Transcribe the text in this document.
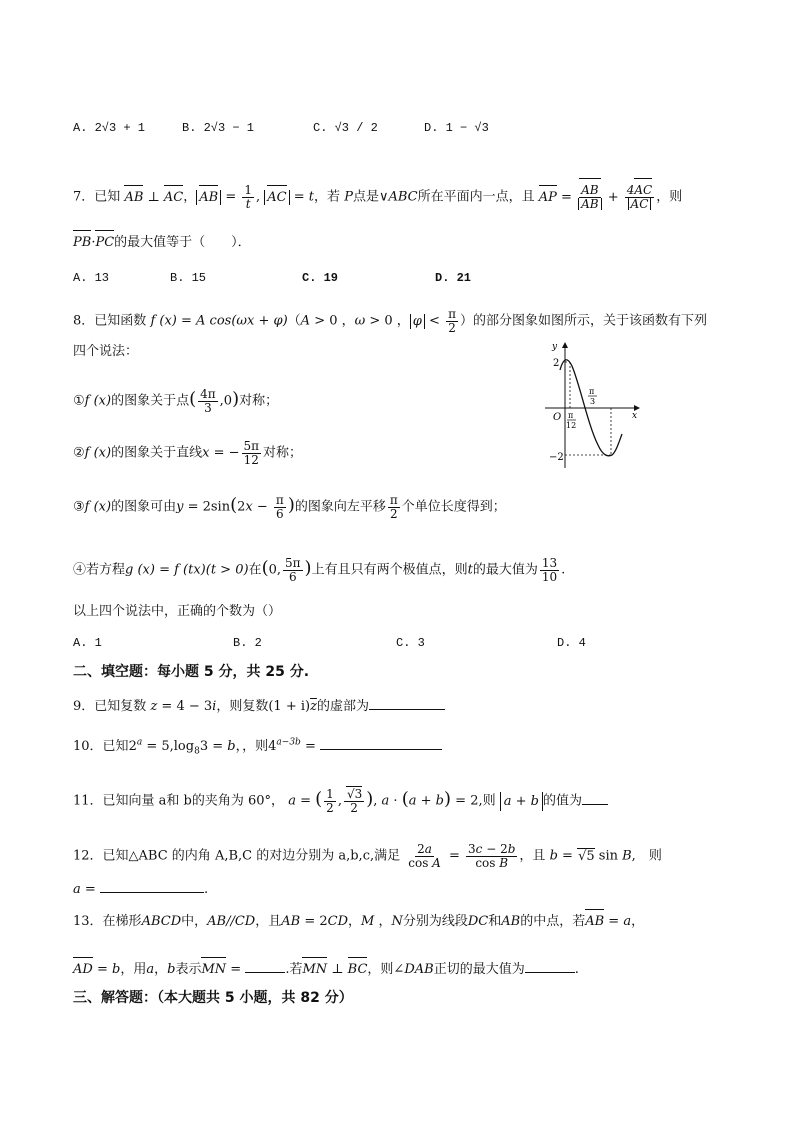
A. 2√3 + 1	B. 2√3 − 1	C. √3 / 2	D. 1 − √3
7．已知 AB ⊥ AC， AB = $\frac{1}{t}$ , AC = t，若 P点是∨ABC所在平面内一点，且 AP = $\frac{AB}{AB} + \frac{4AC}{AC}$ ，则
PB·PC的最大值等于（　　）．
A. 13	B. 15	C. 19	D. 21
8．已知函数 f (x) = A cos(ωx + φ)（A > 0 ，ω > 0 ， $\varphi < \frac{\pi}{2}$ ）的部分图象如图所示，关于该函数有下列
四个说法：
①f (x)的图象关于点( $\frac{4\pi}{3} ,0$)对称；
②f (x)的图象关于直线x = − $\frac{5\pi}{12}$ 对称；
③f (x)的图象可由$y = 2\sin(2x - \frac{\pi}{6}$ )的图象向左平移 $\frac{\pi}{2}$ 个单位长度得到；
④若方程g (x) = f (tx)(t > 0)在(0, $\frac{5\pi}{6}$ )上有且只有两个极值点，则t的最大值为 $\frac{13}{10}$ .
以上四个说法中，正确的个数为（）
A. 1	B. 2	C. 3	D. 4
y
x
O
2
−2
π
12
π
3
二、填空题：每小题 5 分，共 25 分.
9．已知复数 z = 4 − 3i，则复数$(1 + i)\overline{z}$的虚部为
10．已知$2^a = 5,\log_83 = b$，，则$4^{a-3b}$ =
11．已知向量 a和 b的夹角为 60°， a = ( $\frac{1}{2}$ , $\frac{√3}{2}$ ), a · (a + b) = 2,则 a + b 的值为
12．已知△ABC 的内角 A,B,C 的对边分别为 a,b,c,满足 $\frac{2a}{\text{cos A}} = \frac{3c - 2b}{\text{cos B}}$ ，且 b = √5 sin B,　则
a =	.
13．在梯形ABCD中，AB//CD，且AB = 2CD，M ，N分别为线段DC和AB的中点，若AB = a，
AD = b，用a，b表示MN =	.若MN ⊥ BC，则∠DAB正切的最大值为	.
三、解答题：（本大题共 5 小题，共 82 分）
